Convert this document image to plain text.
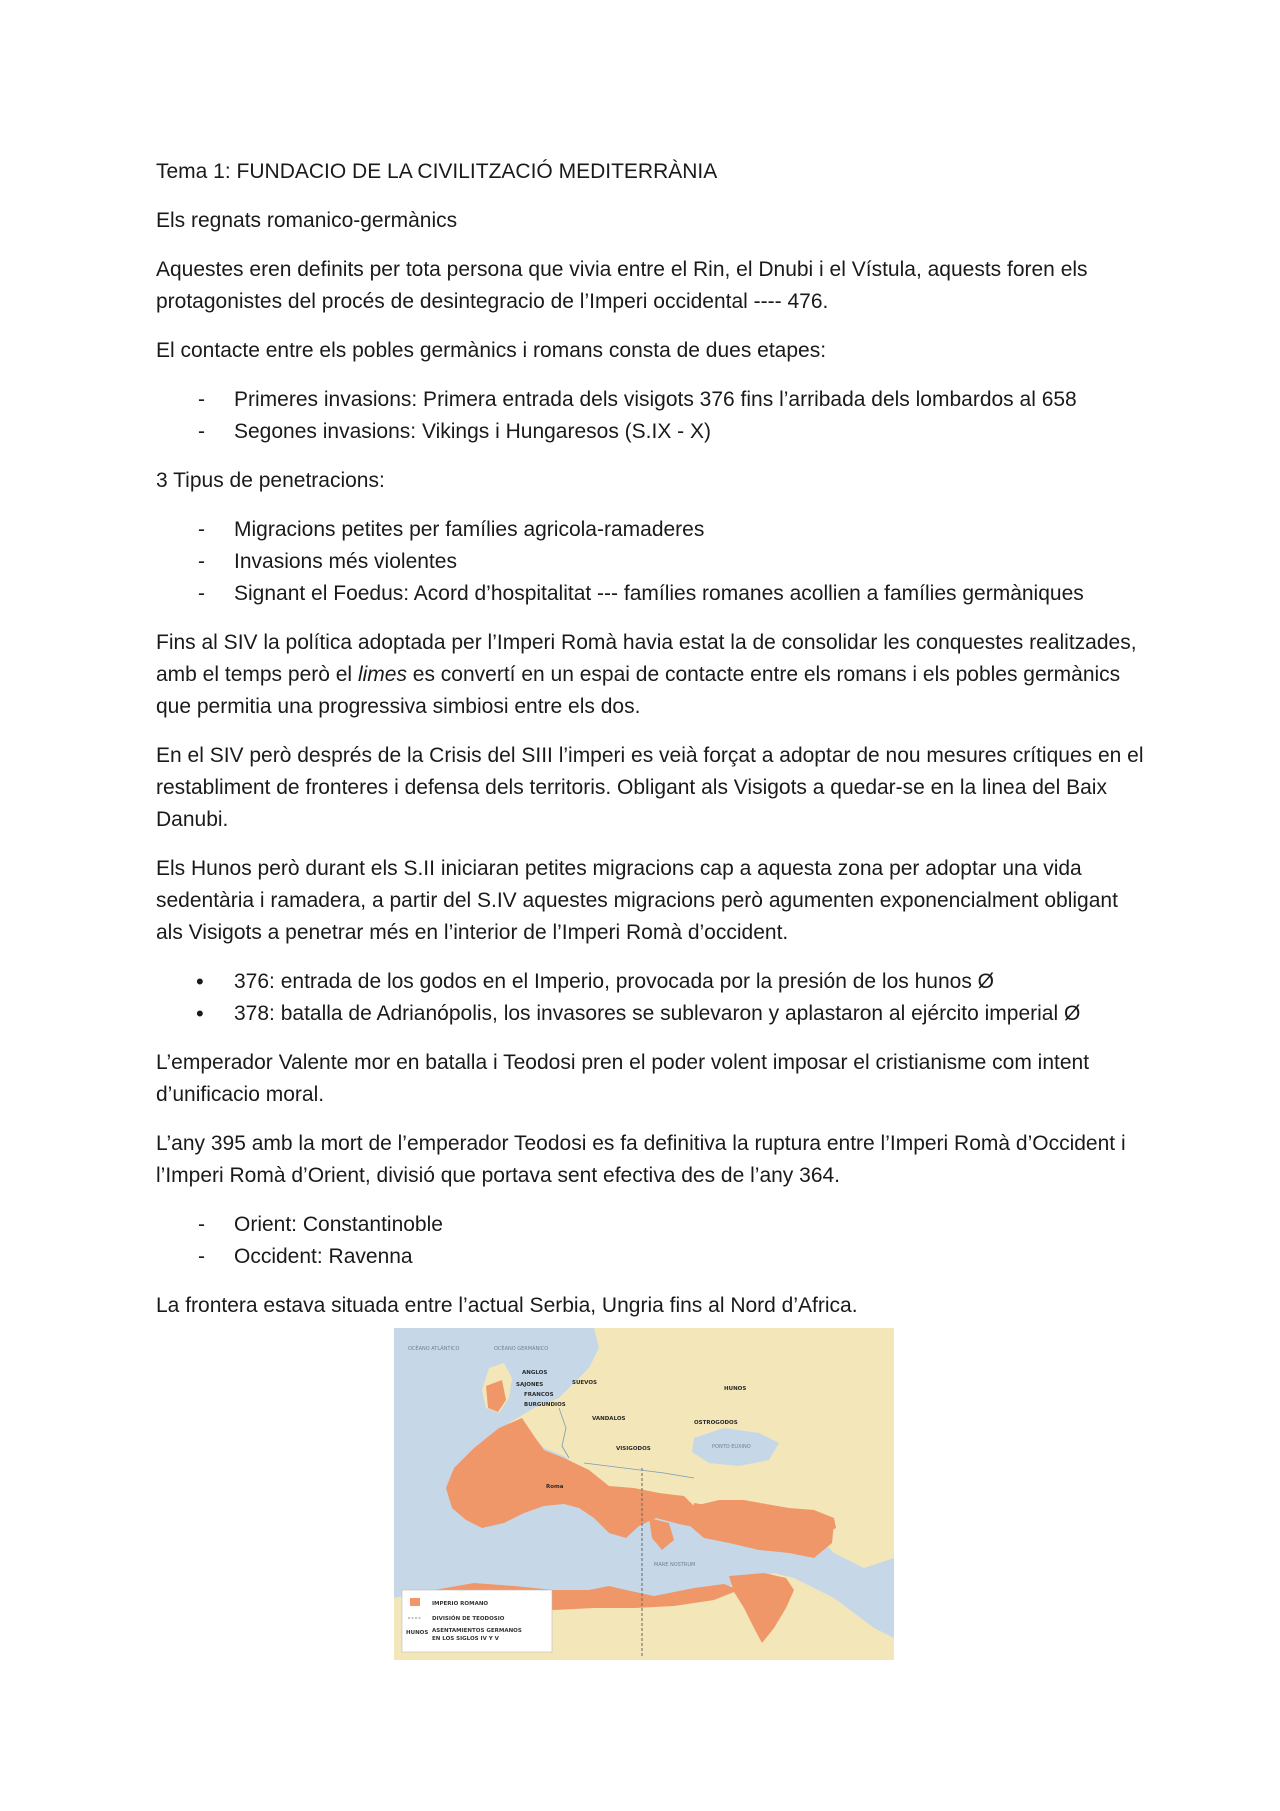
Tema 1: FUNDACIO DE LA CIVILITZACIÓ MEDITERRÀNIA

Els regnats romanico-germànics

Aquestes eren definits per tota persona que vivia entre el Rin, el Dnubi i el Vístula, aquests foren els protagonistes del procés de desintegracio de l’Imperi occidental ---- 476.

El contacte entre els pobles germànics i romans consta de dues etapes:

- Primeres invasions: Primera entrada dels visigots 376 fins l’arribada dels lombardos al 658
- Segones invasions: Vikings i Hungaresos (S.IX - X)

3 Tipus de penetracions:

- Migracions petites per famílies agricola-ramaderes
- Invasions més violentes
- Signant el Foedus: Acord d’hospitalitat --- famílies romanes acollien a famílies germàniques

Fins al SIV la política adoptada per l’Imperi Romà havia estat la de consolidar les conquestes realitzades, amb el temps però el limes es convertí en un espai de contacte entre els romans i els pobles germànics que permitia una progressiva simbiosi entre els dos.

En el SIV però després de la Crisis del SIII l’imperi es veià forçat a adoptar de nou mesures crítiques en el restabliment de fronteres i defensa dels territoris. Obligant als Visigots a quedar-se en la linea del Baix Danubi.

Els Hunos però durant els S.II iniciaran petites migracions cap a aquesta zona per adoptar una vida sedentària i ramadera, a partir del S.IV aquestes migracions però agumenten exponencialment obligant als Visigots a penetrar més en l’interior de l’Imperi Romà d’occident.

• 376: entrada de los godos en el Imperio, provocada por la presión de los hunos Ø
• 378: batalla de Adrianópolis, los invasores se sublevaron y aplastaron al ejército imperial Ø

L’emperador Valente mor en batalla i Teodosi pren el poder volent imposar el cristianisme com intent d’unificacio moral.

L’any 395 amb la mort de l’emperador Teodosi es fa definitiva la ruptura entre l’Imperi Romà d’Occident i l’Imperi Romà d’Orient, divisió que portava sent efectiva des de l’any 364.

- Orient: Constantinoble
- Occident: Ravenna

La frontera estava situada entre l’actual Serbia, Ungria fins al Nord d’Africa.

OCÉANO ATLÁNTICO	OCÉANO GERMÁNICO
PONTO EUXINO
MARE NOSTRUM
ANGLOS
SAJONES	SUEVOS
FRANCOS
BURGUNDIOS
VANDALOS
VISIGODOS
OSTROGODOS
HUNOS
Roma
IMPERIO ROMANO
DIVISIÓN DE TEODOSIO
HUNOS ASENTAMIENTOS GERMANOS
EN LOS SIGLOS IV Y V
